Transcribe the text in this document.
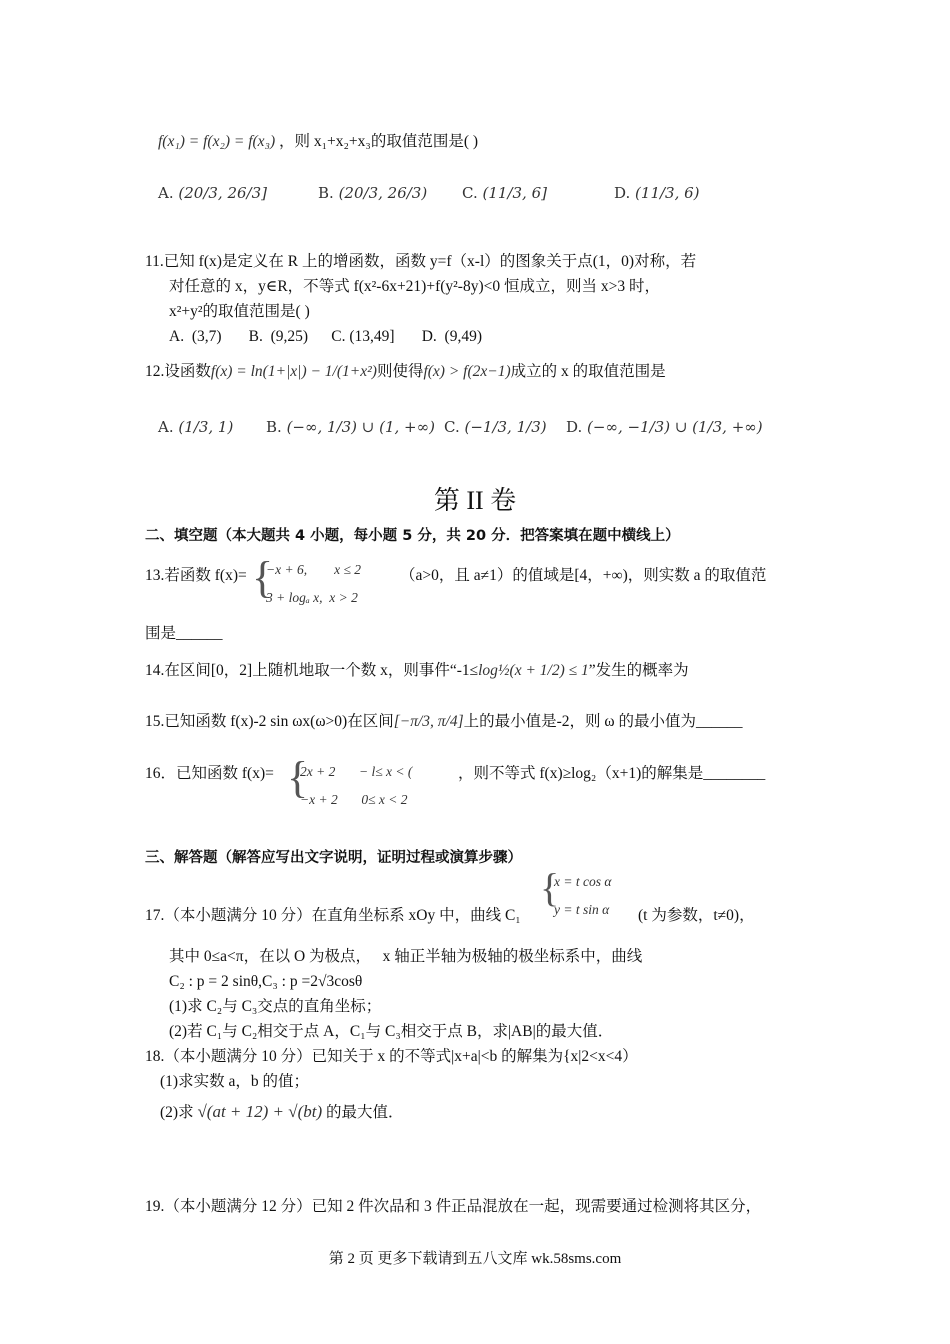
f(x₁) = f(x₂) = f(x₃) ，则 x₁+x₂+x₃的取值范围是( )
A. (20/3, 26/3]	B. (20/3, 26/3) C. (11/3, 6]	D. (11/3, 6)
11.已知 f(x)是定义在 R 上的增函数，函数 y=f（x-l）的图象关于点(1，0)对称，若
对任意的 x，y∈R，不等式 f(x²-6x+21)+f(y²-8y)<0 恒成立，则当 x>3 时，
x²+y²的取值范围是( )
A.  (3,7)       B.  (9,25)      C. (13,49]       D.  (9,49)
12.设函数f(x) = ln(1+|x|) − 1/(1+x²)则使得f(x) > f(2x−1)成立的 x 的取值范围是
A. (1/3, 1) B. (−∞, 1/3) ∪ (1, +∞) C. (−1/3, 1/3) D. (−∞, −1/3) ∪ (1/3, +∞)
第 II 卷
二、填空题（本大题共 4 小题，每小题 5 分，共 20 分．把答案填在题中横线上）
13.若函数 f(x)= {
−x + 6,        x ≤ 2
3 + logₐ x,  x > 2
（a>0，且 a≠1）的值域是[4，+∞)，则实数 a 的取值范
围是______
14.在区间[0，2]上随机地取一个数 x，则事件“-1≤log½(x + 1/2) ≤ 1”发生的概率为
15.已知函数 f(x)-2 sin ωx(ω>0)在区间[−π/3, π/4]上的最小值是-2，则 ω 的最小值为______
16．已知函数 f(x)= {
2x + 2       − l≤ x < (
−x + 2       0≤ x < 2
，则不等式 f(x)≥log₂（x+1)的解集是________
三、解答题（解答应写出文字说明，证明过程或演算步骤）
17.（本小题满分 10 分）在直角坐标系 xOy 中，曲线 C₁
{
x = t cos α
y = t sin α (t 为参数，t≠0)，
其中 0≤a<π，在以 O 为极点，   x 轴正半轴为极轴的极坐标系中，曲线
C₂ : p = 2 sinθ,C₃ : p =2√3cosθ
(1)求 C₂与 C₃交点的直角坐标；
(2)若 C₁与 C₂相交于点 A，C₁与 C₃相交于点 B，求|AB|的最大值．
18.（本小题满分 10 分）已知关于 x 的不等式|x+a|<b 的解集为{x|2<x<4）
(1)求实数 a，b 的值；
(2)求 √(at + 12) + √(bt) 的最大值．
19.（本小题满分 12 分）已知 2 件次品和 3 件正品混放在一起，现需要通过检测将其区分，
第 2 页 更多下载请到五八文库 wk.58sms.com
